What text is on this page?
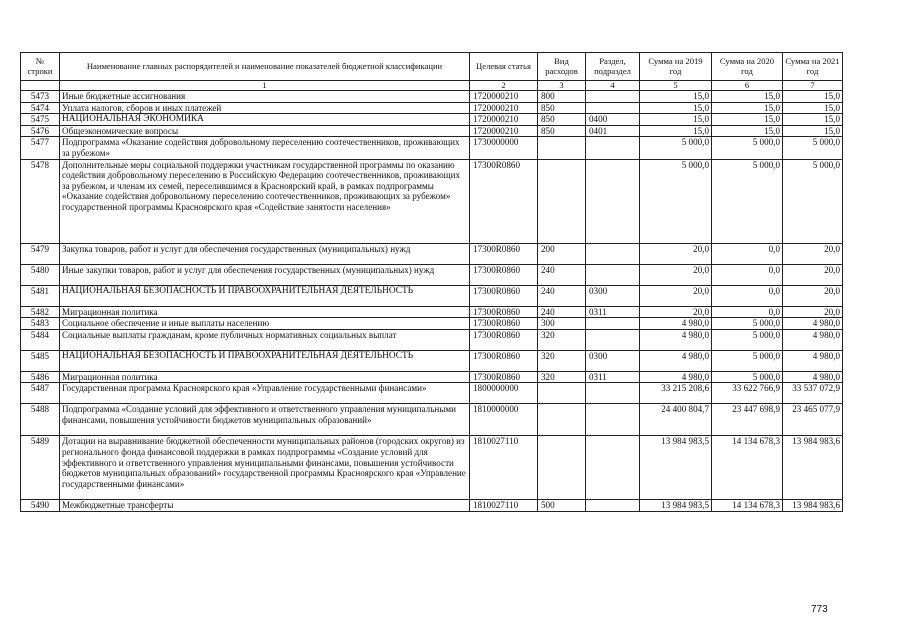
№
строки	Наименование главных распорядителей и наименование показателей бюджетной классификации	Целевая статья	Вид расходов	Раздел, подраздел	Сумма на 2019 год	Сумма на 2020 год	Сумма на 2021 год
	1	2	3	4	5	6	7
5473	Иные бюджетные ассигнования	1720000210	800		15,0	15,0	15,0
5474	Уплата налогов, сборов и иных платежей	1720000210	850		15,0	15,0	15,0
5475	НАЦИОНАЛЬНАЯ ЭКОНОМИКА	1720000210	850	0400	15,0	15,0	15,0
5476	Общеэкономические вопросы	1720000210	850	0401	15,0	15,0	15,0
5477	Подпрограмма «Оказание содействия добровольному переселению соотечественников, проживающих за рубежом»	1730000000			5 000,0	5 000,0	5 000,0
5478	Дополнительные меры социальной поддержки участникам государственной программы по оказанию содействия добровольному переселению в Российскую Федерацию соотечественников, проживающих за рубежом, и членам их семей, переселившимся в Красноярский край, в рамках подпрограммы «Оказание содействия добровольному переселению соотечественников, проживающих за рубежом» государственной программы Красноярского края «Содействие занятости населения»	17300R0860			5 000,0	5 000,0	5 000,0
5479	Закупка товаров, работ и услуг для обеспечения государственных (муниципальных) нужд	17300R0860	200		20,0	0,0	20,0
5480	Иные закупки товаров, работ и услуг для обеспечения государственных (муниципальных) нужд	17300R0860	240		20,0	0,0	20,0
5481	НАЦИОНАЛЬНАЯ БЕЗОПАСНОСТЬ И ПРАВООХРАНИТЕЛЬНАЯ ДЕЯТЕЛЬНОСТЬ	17300R0860	240	0300	20,0	0,0	20,0
5482	Миграционная политика	17300R0860	240	0311	20,0	0,0	20,0
5483	Социальное обеспечение и иные выплаты населению	17300R0860	300		4 980,0	5 000,0	4 980,0
5484	Социальные выплаты гражданам, кроме публичных нормативных социальных выплат	17300R0860	320		4 980,0	5 000,0	4 980,0
5485	НАЦИОНАЛЬНАЯ БЕЗОПАСНОСТЬ И ПРАВООХРАНИТЕЛЬНАЯ ДЕЯТЕЛЬНОСТЬ	17300R0860	320	0300	4 980,0	5 000,0	4 980,0
5486	Миграционная политика	17300R0860	320	0311	4 980,0	5 000,0	4 980,0
5487	Государственная программа Красноярского края «Управление государственными финансами»	1800000000			33 215 208,6	33 622 766,9	33 537 072,9
5488	Подпрограмма «Создание условий для эффективного и ответственного управления муниципальными финансами, повышения устойчивости бюджетов муниципальных образований»	1810000000			24 400 804,7	23 447 698,9	23 465 077,9
5489	Дотации на выравнивание бюджетной обеспеченности муниципальных районов (городских округов) из регионального фонда финансовой поддержки в рамках подпрограммы «Создание условий для эффективного и ответственного управления муниципальными финансами, повышения устойчивости бюджетов муниципальных образований» государственной программы Красноярского края «Управление государственными финансами»	1810027110			13 984 983,5	14 134 678,3	13 984 983,6
5490	Межбюджетные трансферты	1810027110	500		13 984 983,5	14 134 678,3	13 984 983,6
773
